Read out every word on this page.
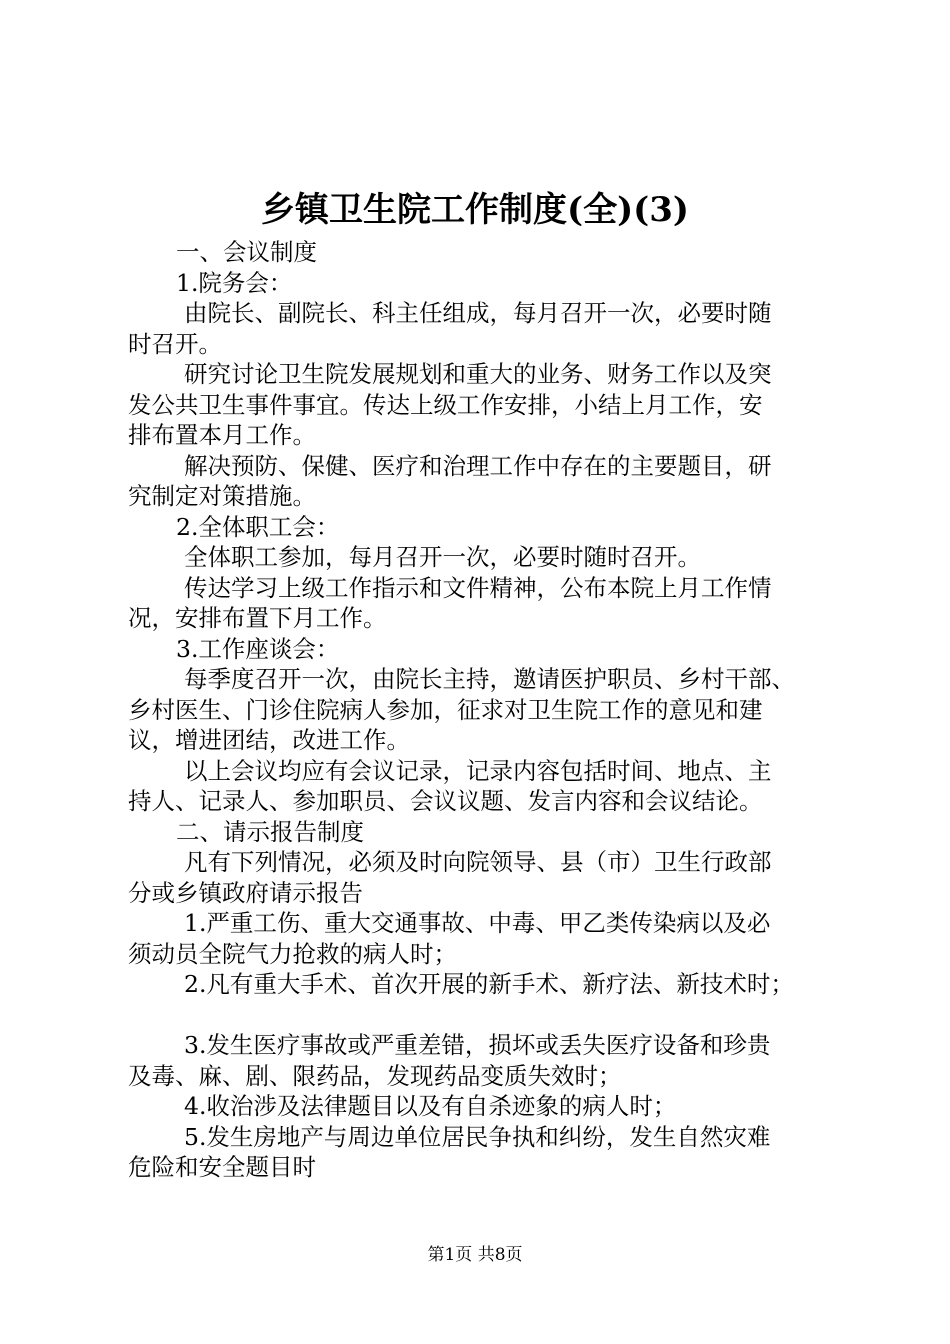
乡镇卫生院工作制度(全)(3)

一、会议制度

1.院务会：

由院长、副院长、科主任组成，每月召开一次，必要时随

时召开。

研究讨论卫生院发展规划和重大的业务、财务工作以及突

发公共卫生事件事宜。传达上级工作安排，小结上月工作，安

排布置本月工作。

解决预防、保健、医疗和治理工作中存在的主要题目，研

究制定对策措施。

2.全体职工会：

全体职工参加，每月召开一次，必要时随时召开。

传达学习上级工作指示和文件精神，公布本院上月工作情

况，安排布置下月工作。

3.工作座谈会：

每季度召开一次，由院长主持，邀请医护职员、乡村干部、

乡村医生、门诊住院病人参加，征求对卫生院工作的意见和建

议，增进团结，改进工作。

以上会议均应有会议记录，记录内容包括时间、地点、主

持人、记录人、参加职员、会议议题、发言内容和会议结论。

二、请示报告制度

凡有下列情况，必须及时向院领导、县（市）卫生行政部

分或乡镇政府请示报告

1.严重工伤、重大交通事故、中毒、甲乙类传染病以及必

须动员全院气力抢救的病人时；

2.凡有重大手术、首次开展的新手术、新疗法、新技术时；

3.发生医疗事故或严重差错，损坏或丢失医疗设备和珍贵

及毒、麻、剧、限药品，发现药品变质失效时；

4.收治涉及法律题目以及有自杀迹象的病人时；

5.发生房地产与周边单位居民争执和纠纷，发生自然灾难

危险和安全题目时

第1页 共8页
